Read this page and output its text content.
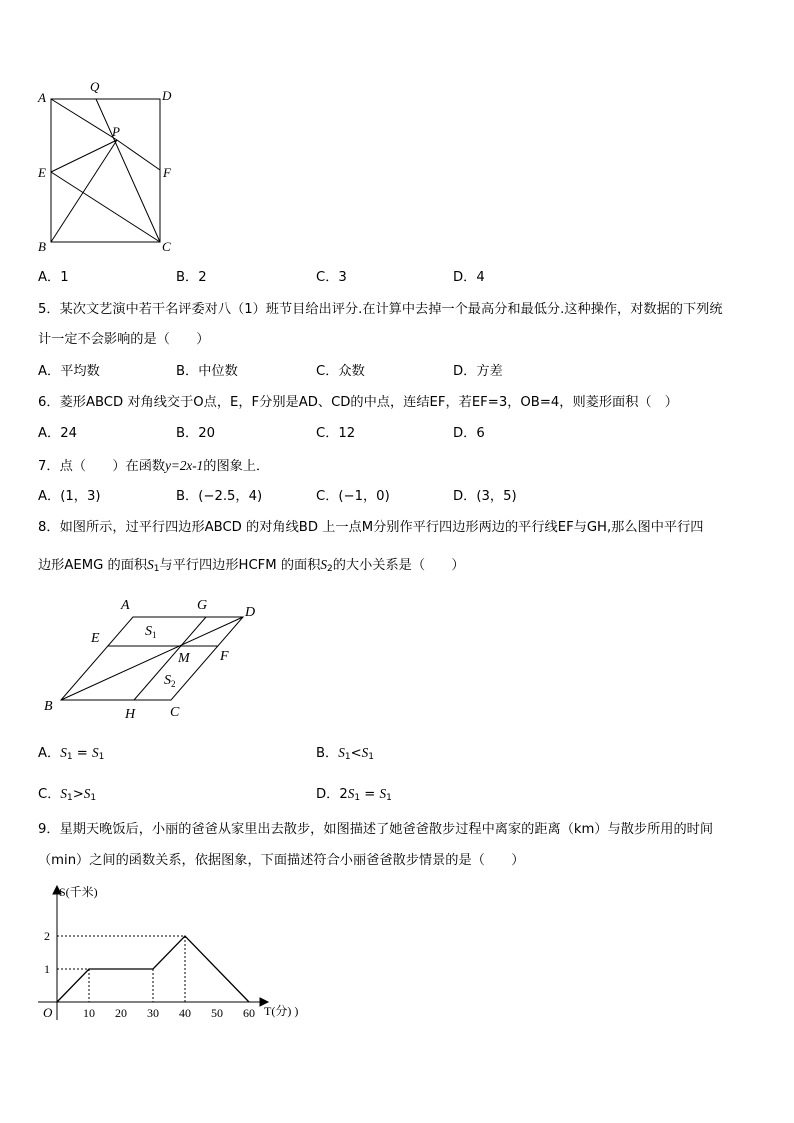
A
Q
D
P
E	F
B	C
A．1	B．2	C．3	D．4
5．某次文艺演中若干名评委对八（1）班节目给出评分.在计算中去掉一个最高分和最低分.这种操作，对数据的下列统
计一定不会影响的是（　　）
A．平均数	B．中位数	C．众数	D．方差
6．菱形ABCD 对角线交于O点，E，F分别是AD、CD的中点，连结EF，若EF=3，OB=4，则菱形面积（　）
A．24	B．20	C．12	D．6
7．点（　　）在函数y=2x-1的图象上．
A．(1，3)	B．(−2.5，4)	C．(−1，0)	D．(3，5)
8．如图所示，过平行四边形ABCD 的对角线BD 上一点M分别作平行四边形两边的平行线EF与GH,那么图中平行四
边形AEMG 的面积$S_1$与平行四边形HCFM 的面积$S_2$的大小关系是（　　）
A	G	D
E	$S_1$
M F
$S_2$
B
H C
A．$S_1 = S_1$	B．$S_1<S_1$
C．$S_1>S_1$	D．$2S_1 = S_1$
9．星期天晚饭后，小丽的爸爸从家里出去散步，如图描述了她爸爸散步过程中离家的距离（km）与散步所用的时间
（min）之间的函数关系，依据图象，下面描述符合小丽爸爸散步情景的是（　　）
10 20 30 40 50 60
1
2
O
S(千米)
T(分) )
